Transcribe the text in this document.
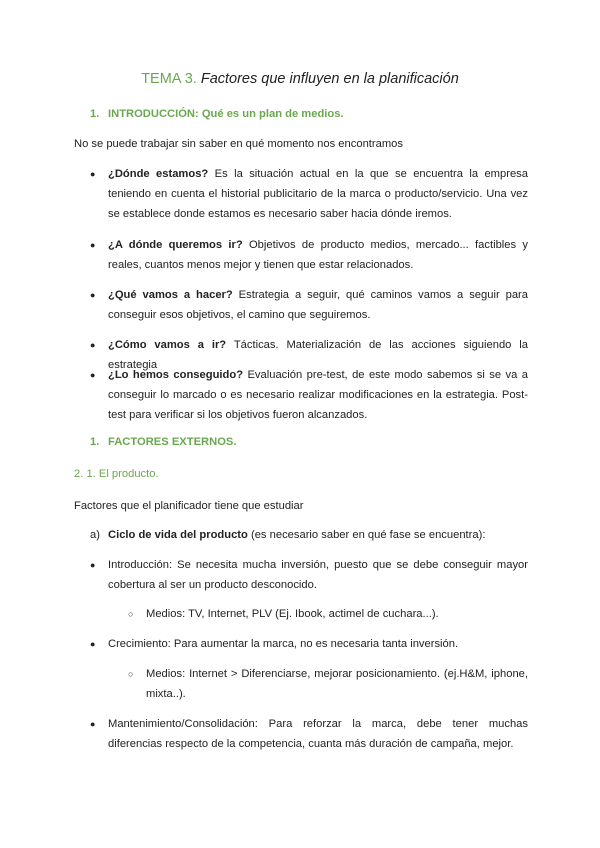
TEMA 3. Factores que influyen en la planificación
1. INTRODUCCIÓN: Qué es un plan de medios.
No se puede trabajar sin saber en qué momento nos encontramos
● ¿Dónde estamos? Es la situación actual en la que se encuentra la empresa teniendo en cuenta el historial publicitario de la marca o producto/servicio. Una vez se establece donde estamos es necesario saber hacia dónde iremos.
● ¿A dónde queremos ir? Objetivos de producto medios, mercado... factibles y reales, cuantos menos mejor y tienen que estar relacionados.
● ¿Qué vamos a hacer? Estrategia a seguir, qué caminos vamos a seguir para conseguir esos objetivos, el camino que seguiremos.
● ¿Cómo vamos a ir? Tácticas. Materialización de las acciones siguiendo la estrategia
● ¿Lo hemos conseguido? Evaluación pre-test, de este modo sabemos si se va a conseguir lo marcado o es necesario realizar modificaciones en la estrategia. Post-test para verificar si los objetivos fueron alcanzados.
1. FACTORES EXTERNOS.
2. 1. El producto.
Factores que el planificador tiene que estudiar
a) Ciclo de vida del producto (es necesario saber en qué fase se encuentra):
● Introducción: Se necesita mucha inversión, puesto que se debe conseguir mayor cobertura al ser un producto desconocido.
○ Medios: TV, Internet, PLV (Ej. Ibook, actimel de cuchara...).
● Crecimiento: Para aumentar la marca, no es necesaria tanta inversión.
○ Medios: Internet > Diferenciarse, mejorar posicionamiento. (ej.H&M, iphone, mixta..).
● Mantenimiento/Consolidación: Para reforzar la marca, debe tener muchas diferencias respecto de la competencia, cuanta más duración de campaña, mejor.
